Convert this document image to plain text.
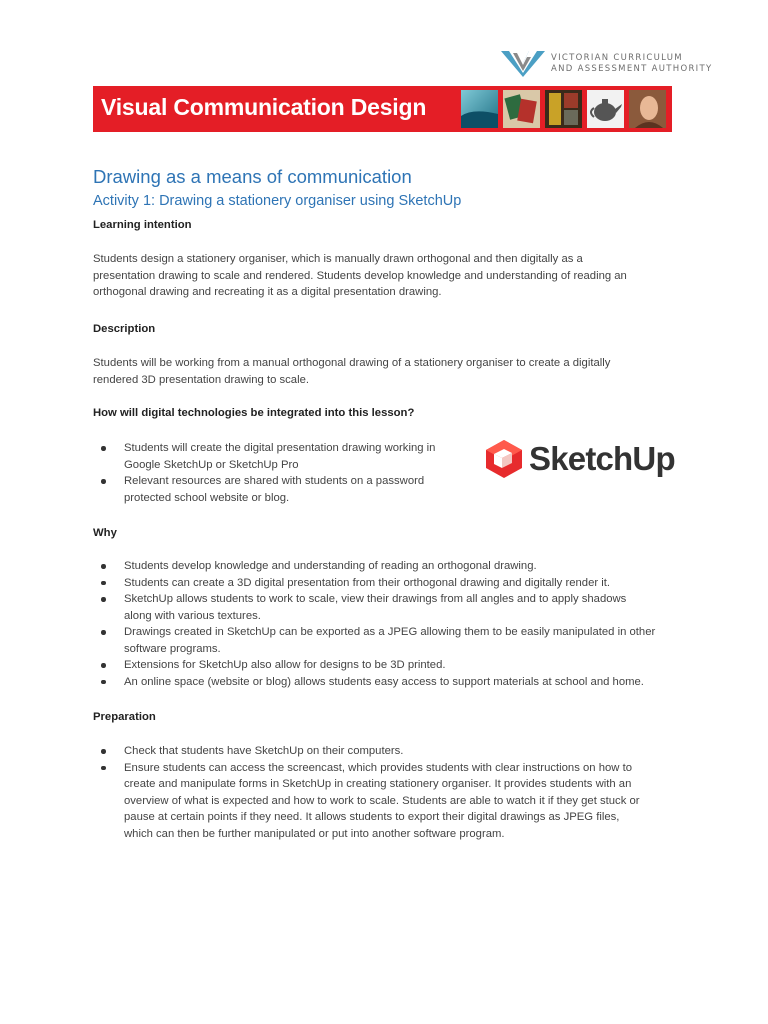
VICTORIAN CURRICULUM
AND ASSESSMENT AUTHORITY
Visual Communication Design
Drawing as a means of communication
Activity 1: Drawing a stationery organiser using SketchUp
Learning intention

Students design a stationery organiser, which is manually drawn orthogonal and then digitally as a
presentation drawing to scale and rendered. Students develop knowledge and understanding of reading an
orthogonal drawing and recreating it as a digital presentation drawing.

Description

Students will be working from a manual orthogonal drawing of a stationery organiser to create a digitally
rendered 3D presentation drawing to scale.

How will digital technologies be integrated into this lesson?
Students will create the digital presentation drawing working in
Google SketchUp or SketchUp Pro
Relevant resources are shared with students on a password
protected school website or blog.
SketchUp
Why
Students develop knowledge and understanding of reading an orthogonal drawing.
Students can create a 3D digital presentation from their orthogonal drawing and digitally render it.
SketchUp allows students to work to scale, view their drawings from all angles and to apply shadows
along with various textures.
Drawings created in SketchUp can be exported as a JPEG allowing them to be easily manipulated in other
software programs.
Extensions for SketchUp also allow for designs to be 3D printed.
An online space (website or blog) allows students easy access to support materials at school and home.
Preparation
Check that students have SketchUp on their computers.
Ensure students can access the screencast, which provides students with clear instructions on how to
create and manipulate forms in SketchUp in creating stationery organiser. It provides students with an
overview of what is expected and how to work to scale. Students are able to watch it if they get stuck or
pause at certain points if they need. It allows students to export their digital drawings as JPEG files,
which can then be further manipulated or put into another software program.
